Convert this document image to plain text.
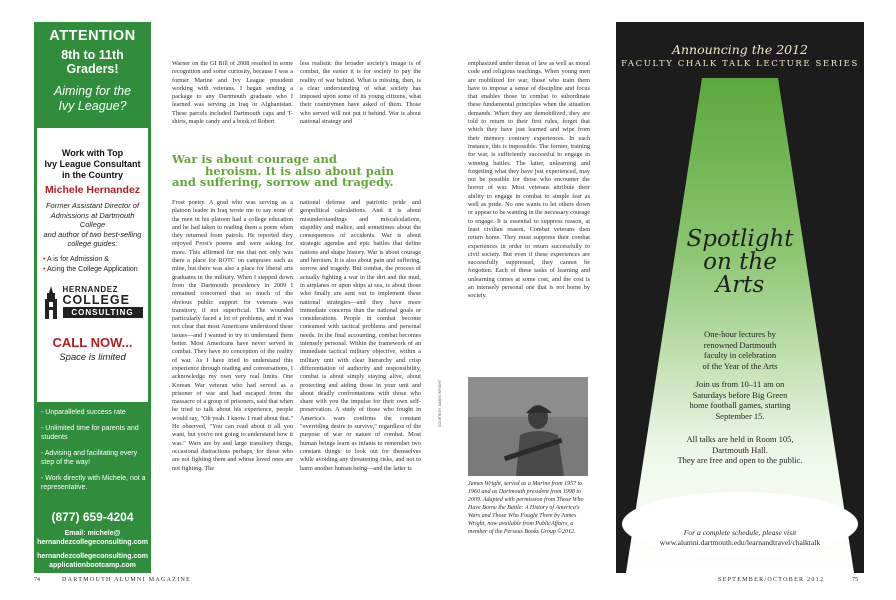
ATTENTION
8th to 11th
Graders!
Aiming for the
Ivy League?
Work with Top
Ivy League Consultant
in the Country
Michele Hernandez
Former Assistant Director of
Admissions at Dartmouth College
and author of two best-selling
college guides:
• A is for Admission &
• Acing the College Application
HERNANDEZ
COLLEGE
CONSULTING
CALL NOW...
Space is limited
- Unparalleled success rate
- Unlimited time for parents and students
- Advising and facilitating every step of the way!
- Work directly with Michele, not a representative.
(877) 659-4204
Email: michele@
hernandezcollegeconsulting.com
hernandezcollegeconsulting.com
applicationbootcamp.com

Warner on the GI Bill of 2008 resulted in some recognition and some curiosity, because I was a former Marine and Ivy League president working with veterans. I began sending a package to any Dartmouth graduate who I learned was serving in Iraq or Afghanistan. These parcels included Dartmouth caps and T-shirts, maple candy and a book of Robert

less realistic the broader society's image is of combat, the easier it is for society to pay the reality of war behind. What is missing, then, is a clear understanding of what society has imposed upon some of its young citizens, what their countrymen have asked of them. Those who served will not put it behind. War is about national strategy and

War is about courage and
heroism. It is also about pain
and suffering, sorrow and tragedy.

Frost poetry. A grad who was serving as a platoon leader in Iraq wrote me to say none of the men in his platoon had a college education and he had taken to reading them a poem when they returned from patrols. He reported they enjoyed Frost's poems and were asking for more. This affirmed for me that not only was there a place for ROTC on campuses such as mine, but there was also a place for liberal arts graduates in the military. When I stepped down from the Dartmouth presidency in 2009 I remained concerned that so much of the obvious public support for veterans was transitory, if not superficial. The wounded particularly faced a lot of problems, and it was not clear that most Americans understood these issues—and I wanted to try to understand them better. Most Americans have never served in combat. They have no conception of the reality of war. As I have tried to understand this experience through reading and conversations, I acknowledge my own very real limits. One Korean War veteran who had served as a prisoner of war and had escaped from the massacre of a group of prisoners, said that when he tried to talk about his experience, people would say, "Oh yeah. I know. I read about that." He observed, "You can read about it all you want, but you're not going to understand how it was." Wars are by and large transitory things, occasional distractions perhaps, for those who are not fighting them and whose loved ones are not fighting. The

national defense and patriotic pride and geopolitical calculations. And it is about misunderstandings and miscalculations, stupidity and malice, and sometimes about the consequences of accidents. War is about strategic agendas and epic battles that define nations and shape history. War is about courage and heroism. It is also about pain and suffering, sorrow and tragedy. But combat, the process of actually fighting a war in the dirt and the mud, in airplanes or upon ships at sea, is about those who finally are sent out to implement these national strategies—and they have more immediate concerns than the national goals or considerations. People in combat become consumed with tactical problems and personal needs. In the final accounting, combat becomes intensely personal. Within the framework of an immediate tactical military objective, within a military unit with clear hierarchy and crisp differentiation of authority and responsibility, combat is about simply staying alive, about protecting and aiding those in your unit and about deadly confrontations with those who share with you the impulse for their own self-preservation. A study of those who fought in America's wars confirms the constant "overriding desire to survive," regardless of the purpose of war or nature of combat. Most human beings learn as infants to remember two constant things: to look out for themselves while avoiding any threatening risks, and not to harm another human being—and the latter is

emphasized under threat of law as well as moral code and religious teachings. When young men are mobilized for war, those who train them have to impose a sense of discipline and focus that enables those in combat to subordinate these fundamental principles when the situation demands. When they are demobilized, they are told to return to their first rules, forget that which they have just learned and wipe from their memory contrary experiences. In each instance, this is impossible. The former, training for war, is sufficiently successful to engage in winning battles. The latter, unlearning and forgetting what they have just experienced, may not be possible for those who encounter the horror of war. Most veterans attribute their ability to engage in combat to simple fear as well as pride. No one wants to let others down or appear to be wanting in the necessary courage to engage. It is essential to suppress reason, at least civilian reason. Combat veterans then return home. They must suppress their combat experiences in order to return successfully to civil society. But even if these experiences are successfully suppressed, they cannot be forgotten. Each of these tasks of learning and unlearning comes at some cost, and the cost is an intensely personal one that is not borne by society.

COURTESY JAMES WRIGHT
James Wright, served as a Marine from 1957 to 1960 and as Dartmouth president from 1998 to 2009. Adapted with permission from Those Who Have Borne the Battle: A History of America's Wars and Those Who Fought Them by James Wright, now available from PublicAffairs, a member of the Perseus Books Group ©2012.
Announcing the 2012
FACULTY CHALK TALK LECTURE SERIES
Spotlight
on the
Arts
One-hour lectures by
renowned Dartmouth
faculty in celebration
of the Year of the Arts
Join us from 10–11 am on
Saturdays before Big Green
home football games, starting
September 15.
All talks are held in Room 105,
Dartmouth Hall.
They are free and open to the public.
For a complete schedule, please visit
www.alumni.dartmouth.edu/learnandtravel/chalktalk
74	DARTMOUTH ALUMNI MAGAZINE	SEPTEMBER/OCTOBER 2012	75
